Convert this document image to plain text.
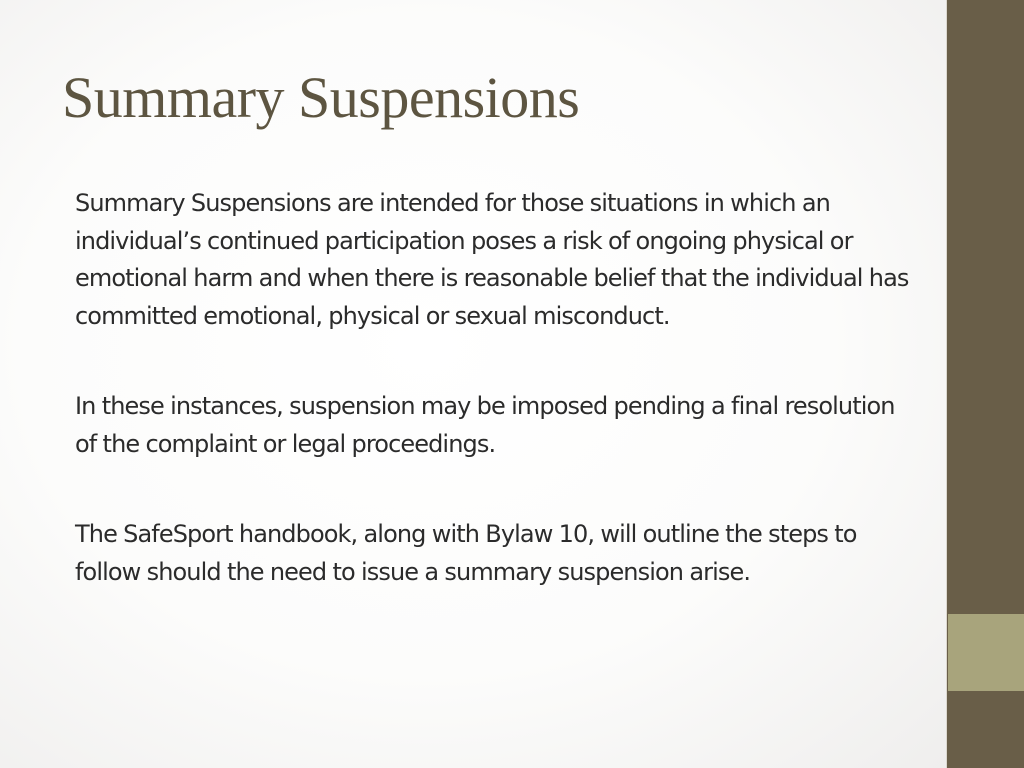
Summary Suspensions

Summary Suspensions are intended for those situations in which an individual’s continued participation poses a risk of ongoing physical or emotional harm and when there is reasonable belief that the individual has committed emotional, physical or sexual misconduct.

In these instances, suspension may be imposed pending a final resolution of the complaint or legal proceedings.

The SafeSport handbook, along with Bylaw 10, will outline the steps to follow should the need to issue a summary suspension arise.
